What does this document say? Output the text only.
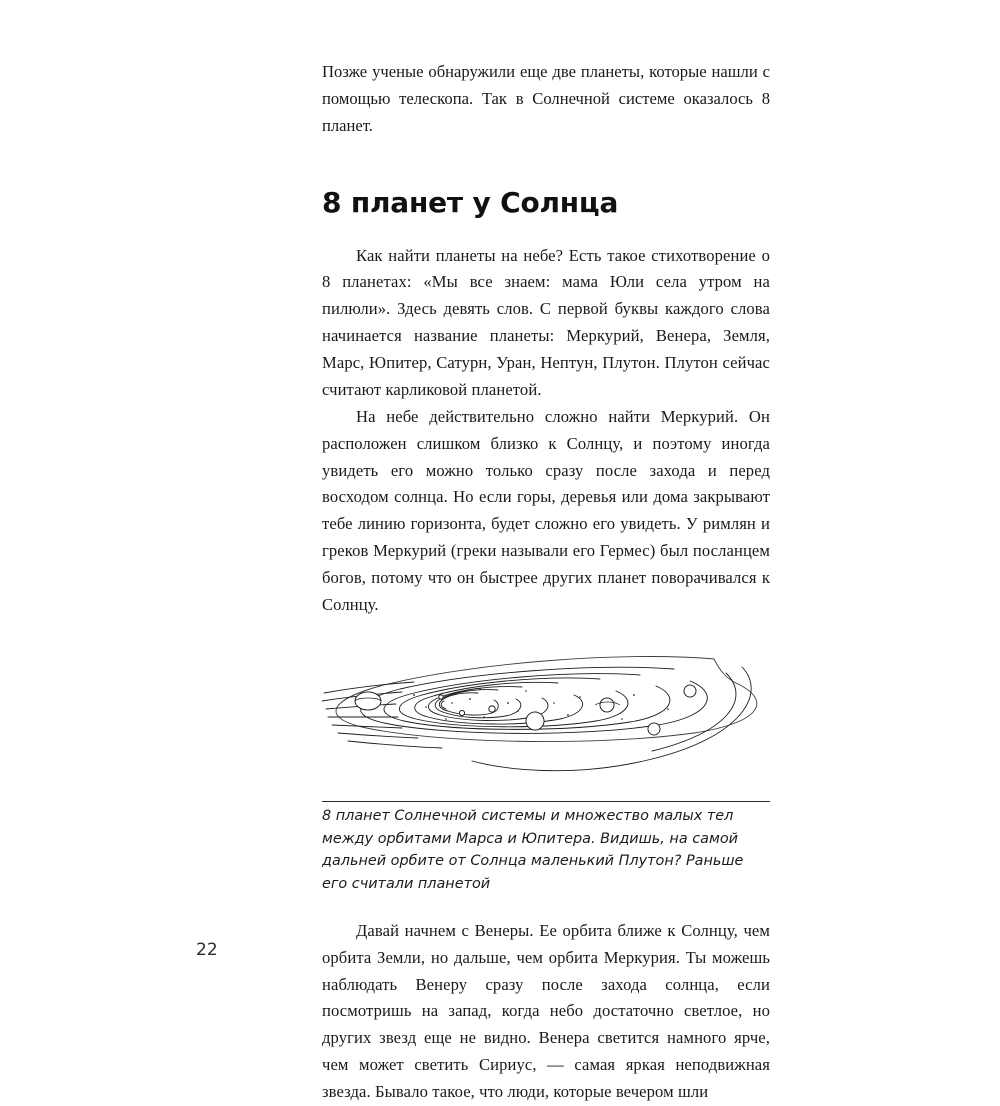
Позже ученые обнаружили еще две планеты, которые нашли с помощью телескопа. Так в Солнечной системе оказалось 8 планет.

8 планет у Солнца

Как найти планеты на небе? Есть такое стихотворение о 8 планетах: «Мы все знаем: мама Юли села утром на пилюли». Здесь девять слов. С первой буквы каждого слова начинается название планеты: Меркурий, Венера, Земля, Марс, Юпитер, Сатурн, Уран, Нептун, Плутон. Плутон сейчас считают карликовой планетой.

На небе действительно сложно найти Меркурий. Он расположен слишком близко к Солнцу, и поэтому иногда увидеть его можно только сразу после захода и перед восходом солнца. Но если горы, деревья или дома закрывают тебе линию горизонта, будет сложно его увидеть. У римлян и греков Меркурий (греки называли его Гермес) был посланцем богов, потому что он быстрее других планет поворачивался к Солнцу.

8 планет Солнечной системы и множество малых тел между орбитами Марса и Юпитера. Видишь, на самой дальней орбите от Солнца маленький Плутон? Раньше его считали планетой

Давай начнем с Венеры. Ее орбита ближе к Солнцу, чем орбита Земли, но дальше, чем орбита Меркурия. Ты можешь наблюдать Венеру сразу после захода солнца, если посмотришь на запад, когда небо достаточно светлое, но других звезд еще не видно. Венера светится намного ярче, чем может светить Сириус, — самая яркая неподвижная звезда. Бывало такое, что люди, которые вечером шли

22
